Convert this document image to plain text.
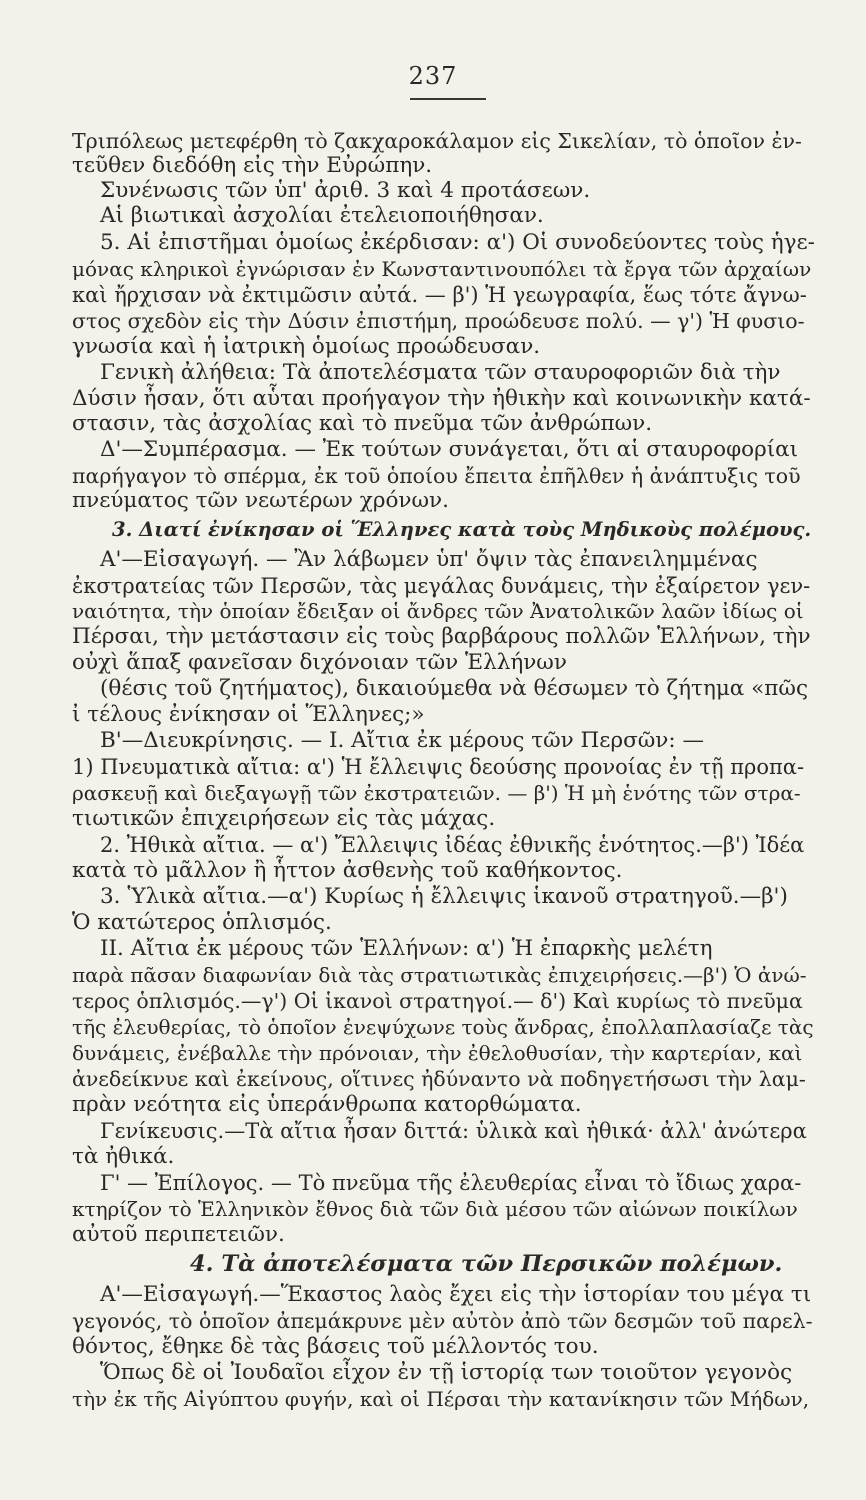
237
Τριπόλεως μετεφέρθη τὸ ζακχαροκάλαμον εἰς Σικελίαν, τὸ ὁποῖον ἐν-
τεῦθεν διεδόθη εἰς τὴν Εὐρώπην.
Συνένωσις τῶν ὑπ' ἀριθ. 3 καὶ 4 προτάσεων.
Αἱ βιωτικαὶ ἀσχολίαι ἐτελειοποιήθησαν.
5. Αἱ ἐπιστῆμαι ὁμοίως ἐκέρδισαν: α') Οἱ συνοδεύοντες τοὺς ἡγε-
μόνας κληρικοὶ ἐγνώρισαν ἐν Κωνσταντινουπόλει τὰ ἔργα τῶν ἀρχαίων
καὶ ἤρχισαν νὰ ἐκτιμῶσιν αὐτά. — β') Ἡ γεωγραφία, ἕως τότε ἄγνω-
στος σχεδὸν εἰς τὴν Δύσιν ἐπιστήμη, προώδευσε πολύ. — γ') Ἡ φυσιο-
γνωσία καὶ ἡ ἰατρικὴ ὁμοίως προώδευσαν.
Γενικὴ ἀλήθεια: Τὰ ἀποτελέσματα τῶν σταυροφοριῶν διὰ τὴν
Δύσιν ἦσαν, ὅτι αὗται προήγαγον τὴν ἠθικὴν καὶ κοινωνικὴν κατά-
στασιν, τὰς ἀσχολίας καὶ τὸ πνεῦμα τῶν ἀνθρώπων.
Δ'—Συμπέρασμα. — Ἐκ τούτων συνάγεται, ὅτι αἱ σταυροφορίαι
παρήγαγον τὸ σπέρμα, ἐκ τοῦ ὁποίου ἔπειτα ἐπῆλθεν ἡ ἀνάπτυξις τοῦ
πνεύματος τῶν νεωτέρων χρόνων.
3. Διατί ἐνίκησαν οἱ Ἕλληνες κατὰ τοὺς Μηδικοὺς πολέμους.
Α'—Εἰσαγωγή. — Ἂν λάβωμεν ὑπ' ὄψιν τὰς ἐπανειλημμένας
ἐκστρατείας τῶν Περσῶν, τὰς μεγάλας δυνάμεις, τὴν ἐξαίρετον γεν-
ναιότητα, τὴν ὁποίαν ἔδειξαν οἱ ἄνδρες τῶν Ἀνατολικῶν λαῶν ἰδίως οἱ
Πέρσαι, τὴν μετάστασιν εἰς τοὺς βαρβάρους πολλῶν Ἑλλήνων, τὴν
οὐχὶ ἅπαξ φανεῖσαν διχόνοιαν τῶν Ἑλλήνων
(θέσις τοῦ ζητήματος), δικαιούμεθα νὰ θέσωμεν τὸ ζήτημα «πῶς
ἰ τέλους ἐνίκησαν οἱ Ἕλληνες;»
Β'—Διευκρίνησις. — Ι. Αἴτια ἐκ μέρους τῶν Περσῶν: —
1) Πνευματικὰ αἴτια: α') Ἡ ἔλλειψις δεούσης προνοίας ἐν τῇ προπα-
ρασκευῇ καὶ διεξαγωγῇ τῶν ἐκστρατειῶν. — β') Ἡ μὴ ἑνότης τῶν στρα-
τιωτικῶν ἐπιχειρήσεων εἰς τὰς μάχας.
2. Ἠθικὰ αἴτια. — α') Ἔλλειψις ἰδέας ἐθνικῆς ἑνότητος.—β') Ἰδέα
κατὰ τὸ μᾶλλον ἢ ἧττον ἀσθενὴς τοῦ καθήκοντος.
3. Ὑλικὰ αἴτια.—α') Κυρίως ἡ ἔλλειψις ἱκανοῦ στρατηγοῦ.—β')
Ὁ κατώτερος ὁπλισμός.
ΙΙ. Αἴτια ἐκ μέρους τῶν Ἑλλήνων: α') Ἡ ἐπαρκὴς μελέτη
παρὰ πᾶσαν διαφωνίαν διὰ τὰς στρατιωτικὰς ἐπιχειρήσεις.—β') Ὁ ἀνώ-
τερος ὁπλισμός.—γ') Οἱ ἱκανοὶ στρατηγοί.— δ') Καὶ κυρίως τὸ πνεῦμα
τῆς ἐλευθερίας, τὸ ὁποῖον ἐνεψύχωνε τοὺς ἄνδρας, ἐπολλαπλασίαζε τὰς
δυνάμεις, ἐνέβαλλε τὴν πρόνοιαν, τὴν ἐθελοθυσίαν, τὴν καρτερίαν, καὶ
ἀνεδείκνυε καὶ ἐκείνους, οἵτινες ἠδύναντο νὰ ποδηγετήσωσι τὴν λαμ-
πρὰν νεότητα εἰς ὑπεράνθρωπα κατορθώματα.
Γενίκευσις.—Τὰ αἴτια ἦσαν διττά: ὑλικὰ καὶ ἠθικά· ἀλλ' ἀνώτερα
τὰ ἠθικά.
Γ' — Ἐπίλογος. — Τὸ πνεῦμα τῆς ἐλευθερίας εἶναι τὸ ἴδιως χαρα-
κτηρίζον τὸ Ἑλληνικὸν ἔθνος διὰ τῶν διὰ μέσου τῶν αἰώνων ποικίλων
αὐτοῦ περιπετειῶν.
4. Τὰ ἀποτελέσματα τῶν Περσικῶν πολέμων.
Α'—Εἰσαγωγή.—Ἕκαστος λαὸς ἔχει εἰς τὴν ἱστορίαν του μέγα τι
γεγονός, τὸ ὁποῖον ἀπεμάκρυνε μὲν αὐτὸν ἀπὸ τῶν δεσμῶν τοῦ παρελ-
θόντος, ἔθηκε δὲ τὰς βάσεις τοῦ μέλλοντός του.
Ὅπως δὲ οἱ Ἰουδαῖοι εἶχον ἐν τῇ ἱστορίᾳ των τοιοῦτον γεγονὸς
τὴν ἐκ τῆς Αἰγύπτου φυγήν, καὶ οἱ Πέρσαι τὴν κατανίκησιν τῶν Μήδων,
